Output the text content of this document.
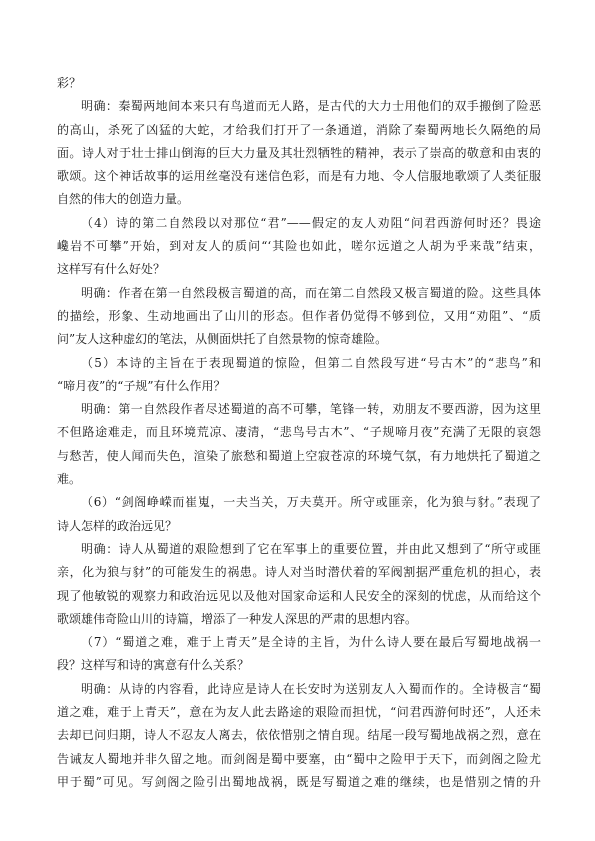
彩？
明确：秦蜀两地间本来只有鸟道而无人路，是古代的大力士用他们的双手搬倒了险恶
的高山，杀死了凶猛的大蛇，才给我们打开了一条通道，消除了秦蜀两地长久隔绝的局
面。诗人对于壮士排山倒海的巨大力量及其壮烈牺牲的精神，表示了崇高的敬意和由衷的
歌颂。这个神话故事的运用丝毫没有迷信色彩，而是有力地、令人信服地歌颂了人类征服
自然的伟大的创造力量。
（4）诗的第二自然段以对那位“君”——假定的友人劝阻“问君西游何时还？畏途
巉岩不可攀”开始，到对友人的质问“‘其险也如此，嗟尔远道之人胡为乎来哉”结束，
这样写有什么好处？
明确：作者在第一自然段极言蜀道的高，而在第二自然段又极言蜀道的险。这些具体
的描绘，形象、生动地画出了山川的形态。但作者仍觉得不够到位，又用“劝阻”、“质
问”友人这种虚幻的笔法，从侧面烘托了自然景物的惊奇雄险。
（5）本诗的主旨在于表现蜀道的惊险，但第二自然段写进“号古木”的“悲鸟”和
“啼月夜”的“子规”有什么作用？
明确：第一自然段作者尽述蜀道的高不可攀，笔锋一转，劝朋友不要西游，因为这里
不但路途难走，而且环境荒凉、凄清，“悲鸟号古木”、“子规啼月夜”充满了无限的哀怨
与愁苦，使人闻而失色，渲染了旅愁和蜀道上空寂苍凉的环境气氛，有力地烘托了蜀道之
难。
（6）“剑阁峥嵘而崔嵬，一夫当关，万夫莫开。所守或匪亲，化为狼与豺。”表现了
诗人怎样的政治远见？
明确：诗人从蜀道的艰险想到了它在军事上的重要位置，并由此又想到了“所守或匪
亲，化为狼与豺”的可能发生的祸患。诗人对当时潜伏着的军阀割据严重危机的担心，表
现了他敏锐的观察力和政治远见以及他对国家命运和人民安全的深刻的忧虑，从而给这个
歌颂雄伟奇险山川的诗篇，增添了一种发人深思的严肃的思想内容。
（7）“蜀道之难，难于上青天”是全诗的主旨，为什么诗人要在最后写蜀地战祸一
段？这样写和诗的寓意有什么关系？
明确：从诗的内容看，此诗应是诗人在长安时为送别友人入蜀而作的。全诗极言“蜀
道之难，难于上青天”，意在为友人此去路途的艰险而担忧，“问君西游何时还”，人还未
去却已问归期，诗人不忍友人离去，依依惜别之情自现。结尾一段写蜀地战祸之烈，意在
告诫友人蜀地并非久留之地。而剑阁是蜀中要塞，由“蜀中之险甲于天下，而剑阁之险尤
甲于蜀”可见。写剑阁之险引出蜀地战祸，既是写蜀道之难的继续，也是惜别之情的升
